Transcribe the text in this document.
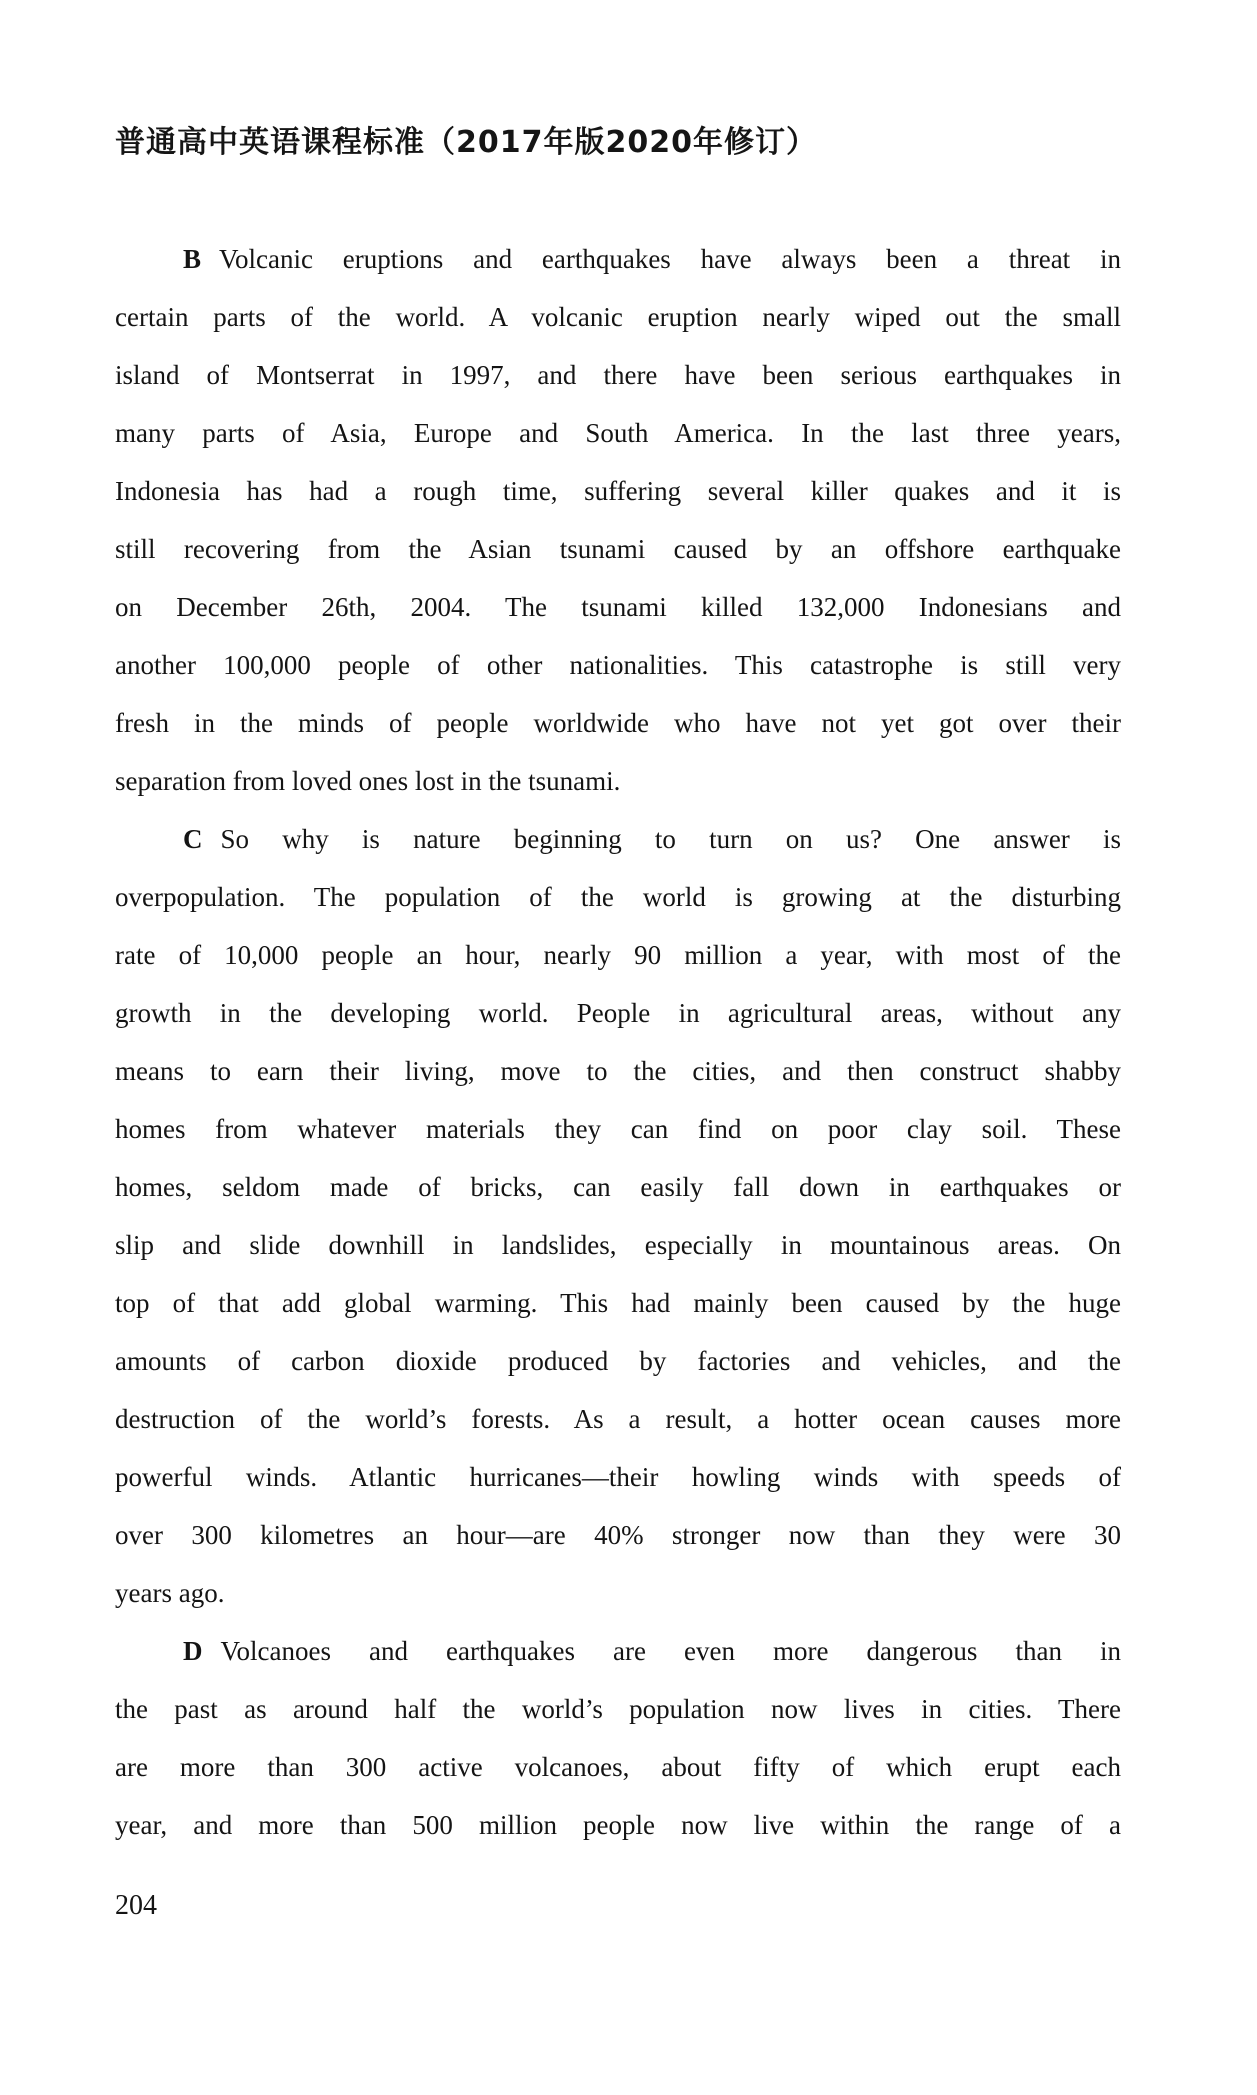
普通高中英语课程标准（2017年版2020年修订）
B Volcanic eruptions and earthquakes have always been a threat in
certain parts of the world. A volcanic eruption nearly wiped out the small
island of Montserrat in 1997, and there have been serious earthquakes in
many parts of Asia, Europe and South America. In the last three years,
Indonesia has had a rough time, suffering several killer quakes and it is
still recovering from the Asian tsunami caused by an offshore earthquake
on December 26th, 2004. The tsunami killed 132,000 Indonesians and
another 100,000 people of other nationalities. This catastrophe is still very
fresh in the minds of people worldwide who have not yet got over their
separation from loved ones lost in the tsunami.
C So why is nature beginning to turn on us? One answer is
overpopulation. The population of the world is growing at the disturbing
rate of 10,000 people an hour, nearly 90 million a year, with most of the
growth in the developing world. People in agricultural areas, without any
means to earn their living, move to the cities, and then construct shabby
homes from whatever materials they can find on poor clay soil. These
homes, seldom made of bricks, can easily fall down in earthquakes or
slip and slide downhill in landslides, especially in mountainous areas. On
top of that add global warming. This had mainly been caused by the huge
amounts of carbon dioxide produced by factories and vehicles, and the
destruction of the world’s forests. As a result, a hotter ocean causes more
powerful winds. Atlantic hurricanes—their howling winds with speeds of
over 300 kilometres an hour—are 40% stronger now than they were 30
years ago.
D Volcanoes and earthquakes are even more dangerous than in
the past as around half the world’s population now lives in cities. There
are more than 300 active volcanoes, about fifty of which erupt each
year, and more than 500 million people now live within the range of a
204
